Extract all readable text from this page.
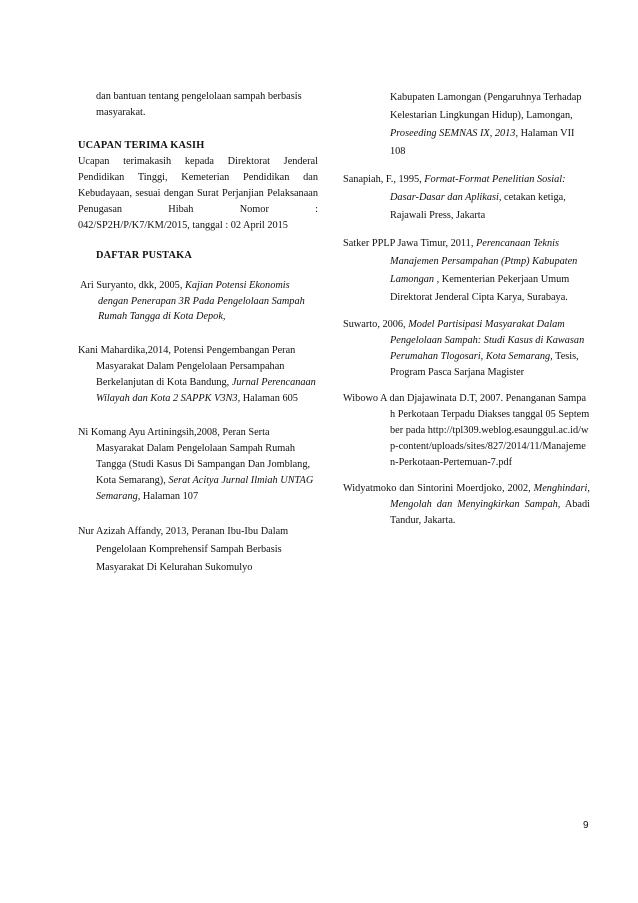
dan bantuan tentang pengelolaan sampah berbasis masyarakat.

UCAPAN TERIMA KASIH

Ucapan terimakasih kepada Direktorat Jenderal Pendidikan Tinggi, Kemeterian Pendidikan dan Kebudayaan, sesuai dengan Surat Perjanjian Pelaksanaan Penugasan Hibah Nomor :
042/SP2H/P/K7/KM/2015, tanggal : 02 April 2015

DAFTAR PUSTAKA

Ari Suryanto, dkk, 2005, Kajian Potensi Ekonomis dengan Penerapan 3R Pada Pengelolaan Sampah Rumah Tangga di Kota Depok,

Kani Mahardika,2014, Potensi Pengembangan Peran Masyarakat Dalam Pengelolaan Persampahan Berkelanjutan di Kota Bandung, Jurnal Perencanaan Wilayah dan Kota 2 SAPPK V3N3, Halaman 605

Ni Komang Ayu Artiningsih,2008, Peran Serta Masyarakat Dalam Pengelolaan Sampah Rumah Tangga (Studi Kasus Di Sampangan Dan Jomblang, Kota Semarang), Serat Acitya Jurnal Ilmiah UNTAG Semarang, Halaman 107

Nur Azizah Affandy, 2013, Peranan Ibu-Ibu Dalam Pengelolaan Komprehensif Sampah Berbasis Masyarakat Di Kelurahan Sukomulyo

Kabupaten Lamongan (Pengaruhnya Terhadap Kelestarian Lingkungan Hidup), Lamongan, Proseeding SEMNAS IX, 2013, Halaman VII 108

Sanapiah, F., 1995, Format-Format Penelitian Sosial: Dasar-Dasar dan Aplikasi, cetakan ketiga, Rajawali Press, Jakarta

Satker PPLP Jawa Timur, 2011, Perencanaan Teknis Manajemen Persampahan (Ptmp) Kabupaten Lamongan , Kementerian Pekerjaan Umum Direktorat Jenderal Cipta Karya, Surabaya.

Suwarto, 2006, Model Partisipasi Masyarakat Dalam Pengelolaan Sampah: Studi Kasus di Kawasan Perumahan Tlogosari, Kota Semarang, Tesis, Program Pasca Sarjana Magister

Wibowo A dan Djajawinata D.T, 2007. Penanganan Sampah Perkotaan Terpadu Diakses tanggal 05 September pada http://tpl309.weblog.esaunggul.ac.id/wp-content/uploads/sites/827/2014/11/Manajemen-Perkotaan-Pertemuan-7.pdf

Widyatmoko dan Sintorini Moerdjoko, 2002, Menghindari, Mengolah dan Menyingkirkan Sampah, Abadi Tandur, Jakarta.

9
